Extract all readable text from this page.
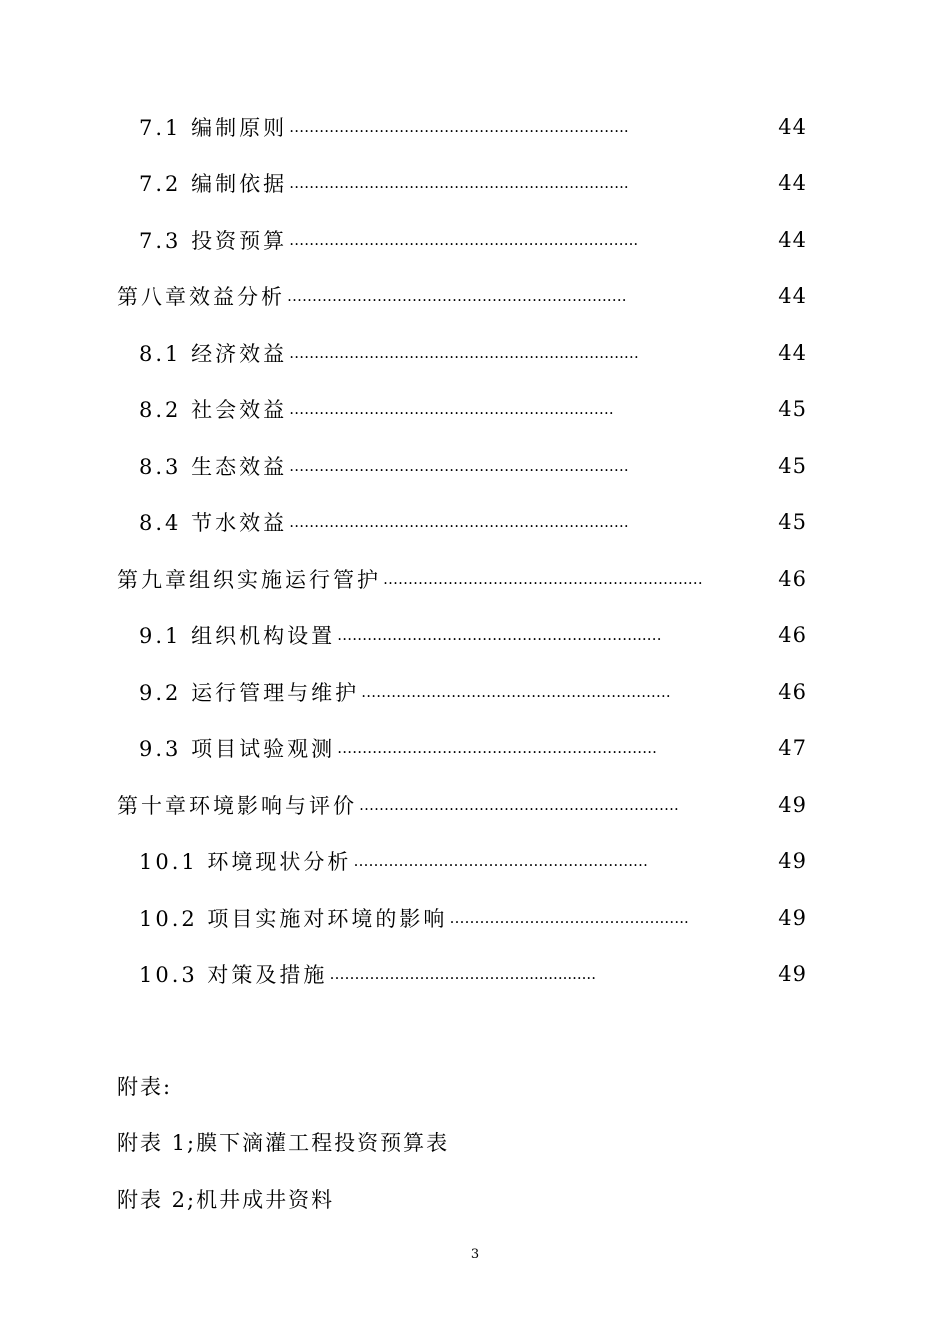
7.1 编制原则 …………………………………………………………..	44
7.2 编制依据 …………………………………………………………..	44
7.3 投资预算 ……………………………………..……………………..	44
第八章效益分析 ……………………………………………………….….	44
8.1 经济效益 ………………………………………………………….…	44
8.2 社会效益 ………………………………………………….…….	45
8.3 生态效益 ……………………………………………………….….	45
8.4 节水效益 ……………………………………………………….….	45
第九章组织实施运行管护 …………………………………………………….…	46
9.1 组织机构设置 ……………………………………………………..…	46
9.2 运行管理与维护 ………………………………………………….….	46
9.3 项目试验观测 ……………………………………………………….	47
第十章环境影响与评价 ……………………………………………………….	49
10.1 环境现状分析 ……………………………….……………….…	49
10.2 项目实施对环境的影响 …………………………………….…..	49
10.3 对策及措施 …………………………………...............	49
附表:
附表 1;膜下滴灌工程投资预算表
附表 2;机井成井资料
3
